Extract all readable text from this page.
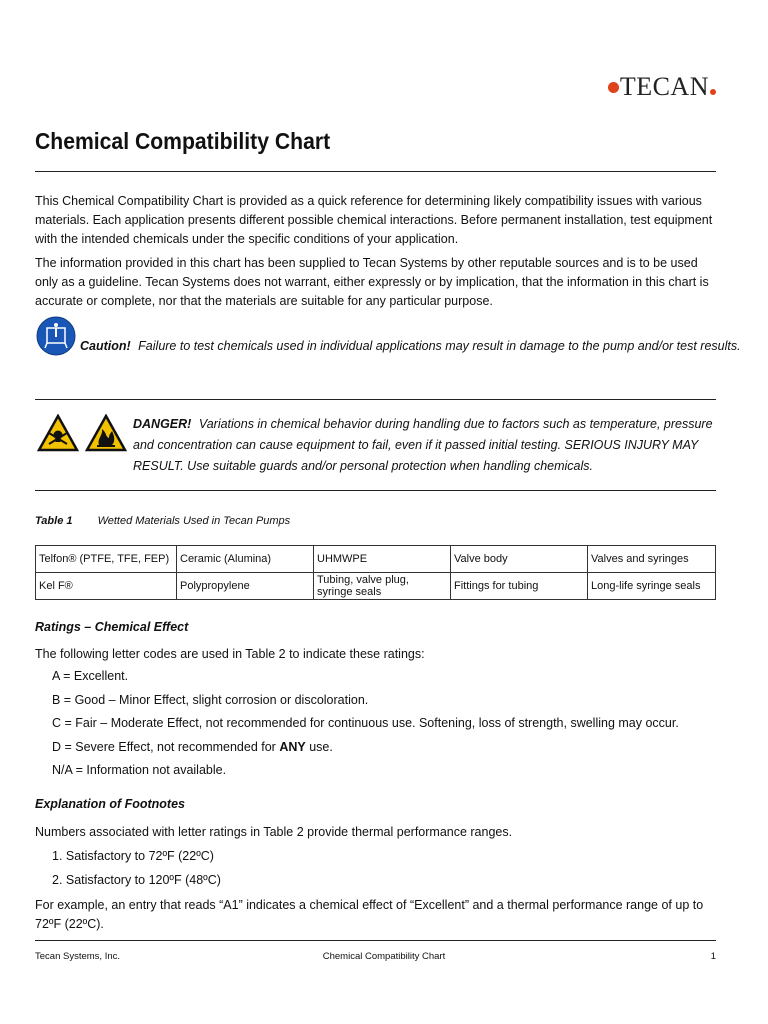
TECAN
Chemical Compatibility Chart
This Chemical Compatibility Chart is provided as a quick reference for determining likely compatibility issues with various materials. Each application presents different possible chemical interactions. Before permanent installation, test equipment with the intended chemicals under the specific conditions of your application.
The information provided in this chart has been supplied to Tecan Systems by other reputable sources and is to be used only as a guideline. Tecan Systems does not warrant, either expressly or by implication, that the information in this chart is accurate or complete, nor that the materials are suitable for any particular purpose.
Caution! Failure to test chemicals used in individual applications may result in damage to the pump and/or test results.
DANGER! Variations in chemical behavior during handling due to factors such as temperature, pressure and concentration can cause equipment to fail, even if it passed initial testing. SERIOUS INJURY MAY RESULT. Use suitable guards and/or personal protection when handling chemicals.
Table 1 Wetted Materials Used in Tecan Pumps
Telfon® (PTFE, TFE, FEP)	Ceramic (Alumina)	UHMWPE	Valve body	Valves and syringes
Kel F®	Polypropylene	Tubing, valve plug, syringe seals	Fittings for tubing	Long-life syringe seals
Ratings – Chemical Effect
The following letter codes are used in Table 2 to indicate these ratings:
A = Excellent.
B = Good – Minor Effect, slight corrosion or discoloration.
C = Fair – Moderate Effect, not recommended for continuous use. Softening, loss of strength, swelling may occur.
D = Severe Effect, not recommended for ANY use.
N/A = Information not available.
Explanation of Footnotes
Numbers associated with letter ratings in Table 2 provide thermal performance ranges.
1. Satisfactory to 72ºF (22ºC)
2. Satisfactory to 120ºF (48ºC)
For example, an entry that reads “A1” indicates a chemical effect of “Excellent” and a thermal performance range of up to 72ºF (22ºC).
Tecan Systems, Inc.	Chemical Compatibility Chart	1
